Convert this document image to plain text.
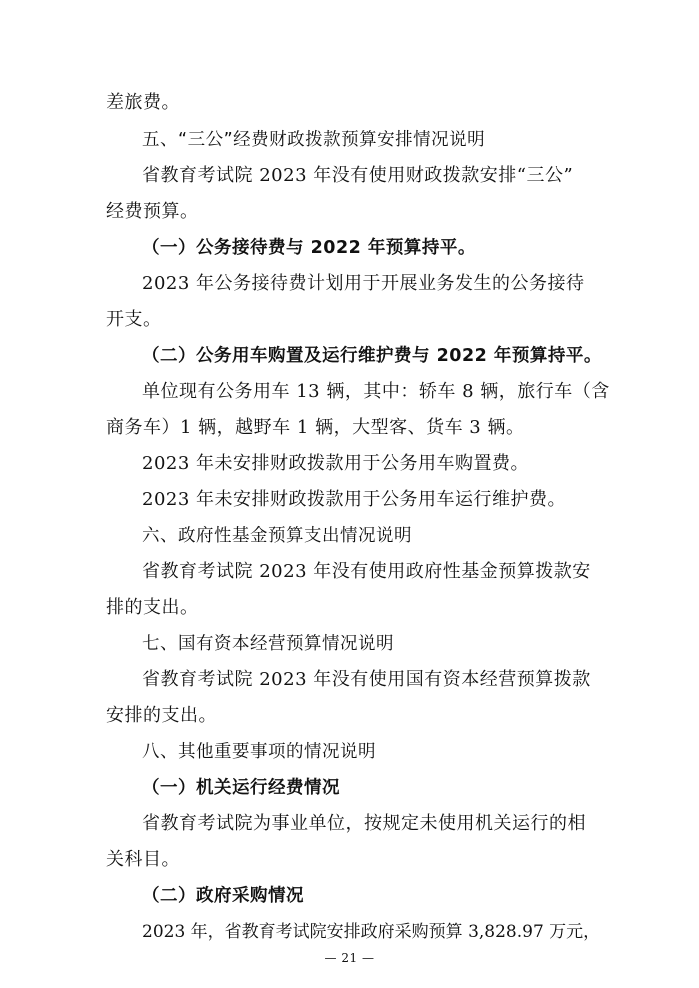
差旅费。
五、“三公”经费财政拨款预算安排情况说明
省教育考试院 2023 年没有使用财政拨款安排“三公”
经费预算。
（一）公务接待费与 2022 年预算持平。
2023 年公务接待费计划用于开展业务发生的公务接待
开支。
（二）公务用车购置及运行维护费与 2022 年预算持平。
单位现有公务用车 13 辆，其中：轿车 8 辆，旅行车（含
商务车）1 辆，越野车 1 辆，大型客、货车 3 辆。
2023 年未安排财政拨款用于公务用车购置费。
2023 年未安排财政拨款用于公务用车运行维护费。
六、政府性基金预算支出情况说明
省教育考试院 2023 年没有使用政府性基金预算拨款安
排的支出。
七、国有资本经营预算情况说明
省教育考试院 2023 年没有使用国有资本经营预算拨款
安排的支出。
八、其他重要事项的情况说明
（一）机关运行经费情况
省教育考试院为事业单位，按规定未使用机关运行的相
关科目。
（二）政府采购情况
2023 年，省教育考试院安排政府采购预算 3,828.97 万元，
— 21 —
